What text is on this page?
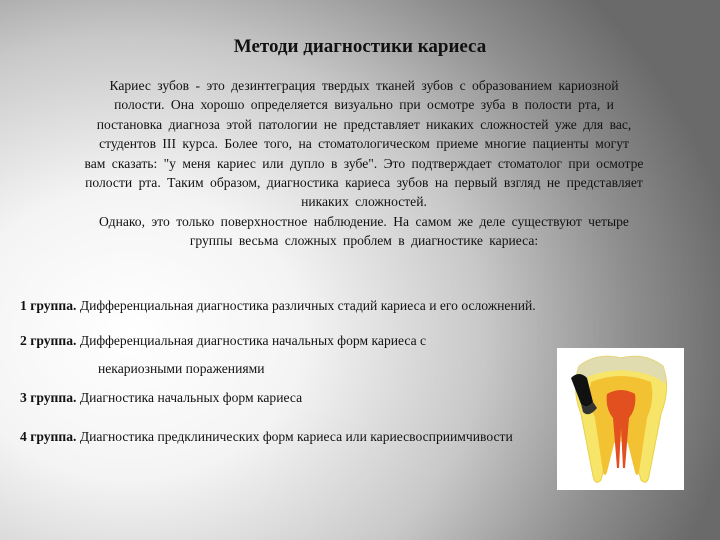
Методи диагностики кариеса
Кариес зубов - это дезинтеграция твердых тканей зубов с образованием кариозной
полости. Она хорошо определяется визуально при осмотре зуба в полости рта, и
постановка диагноза этой патологии не представляет никаких сложностей уже для вас,
студентов III курса. Более того, на стоматологическом приеме многие пациенты могут
вам сказать: "у меня кариес или дупло в зубе". Это подтверждает стоматолог при осмотре
полости рта. Таким образом, диагностика кариеса зубов на первый взгляд не представляет
никаких сложностей.
Однако, это только поверхностное наблюдение. На самом же деле существуют четыре
группы весьма сложных проблем в диагностике кариеса:
1 группа. Дифференциальная диагностика различных стадий кариеса и его осложнений.
2 группа. Дифференциальная диагностика начальных форм кариеса с
некариозными поражениями
3 группа. Диагностика начальных форм кариеса
4 группа. Диагностика предклинических форм кариеса или кариесвосприимчивости
